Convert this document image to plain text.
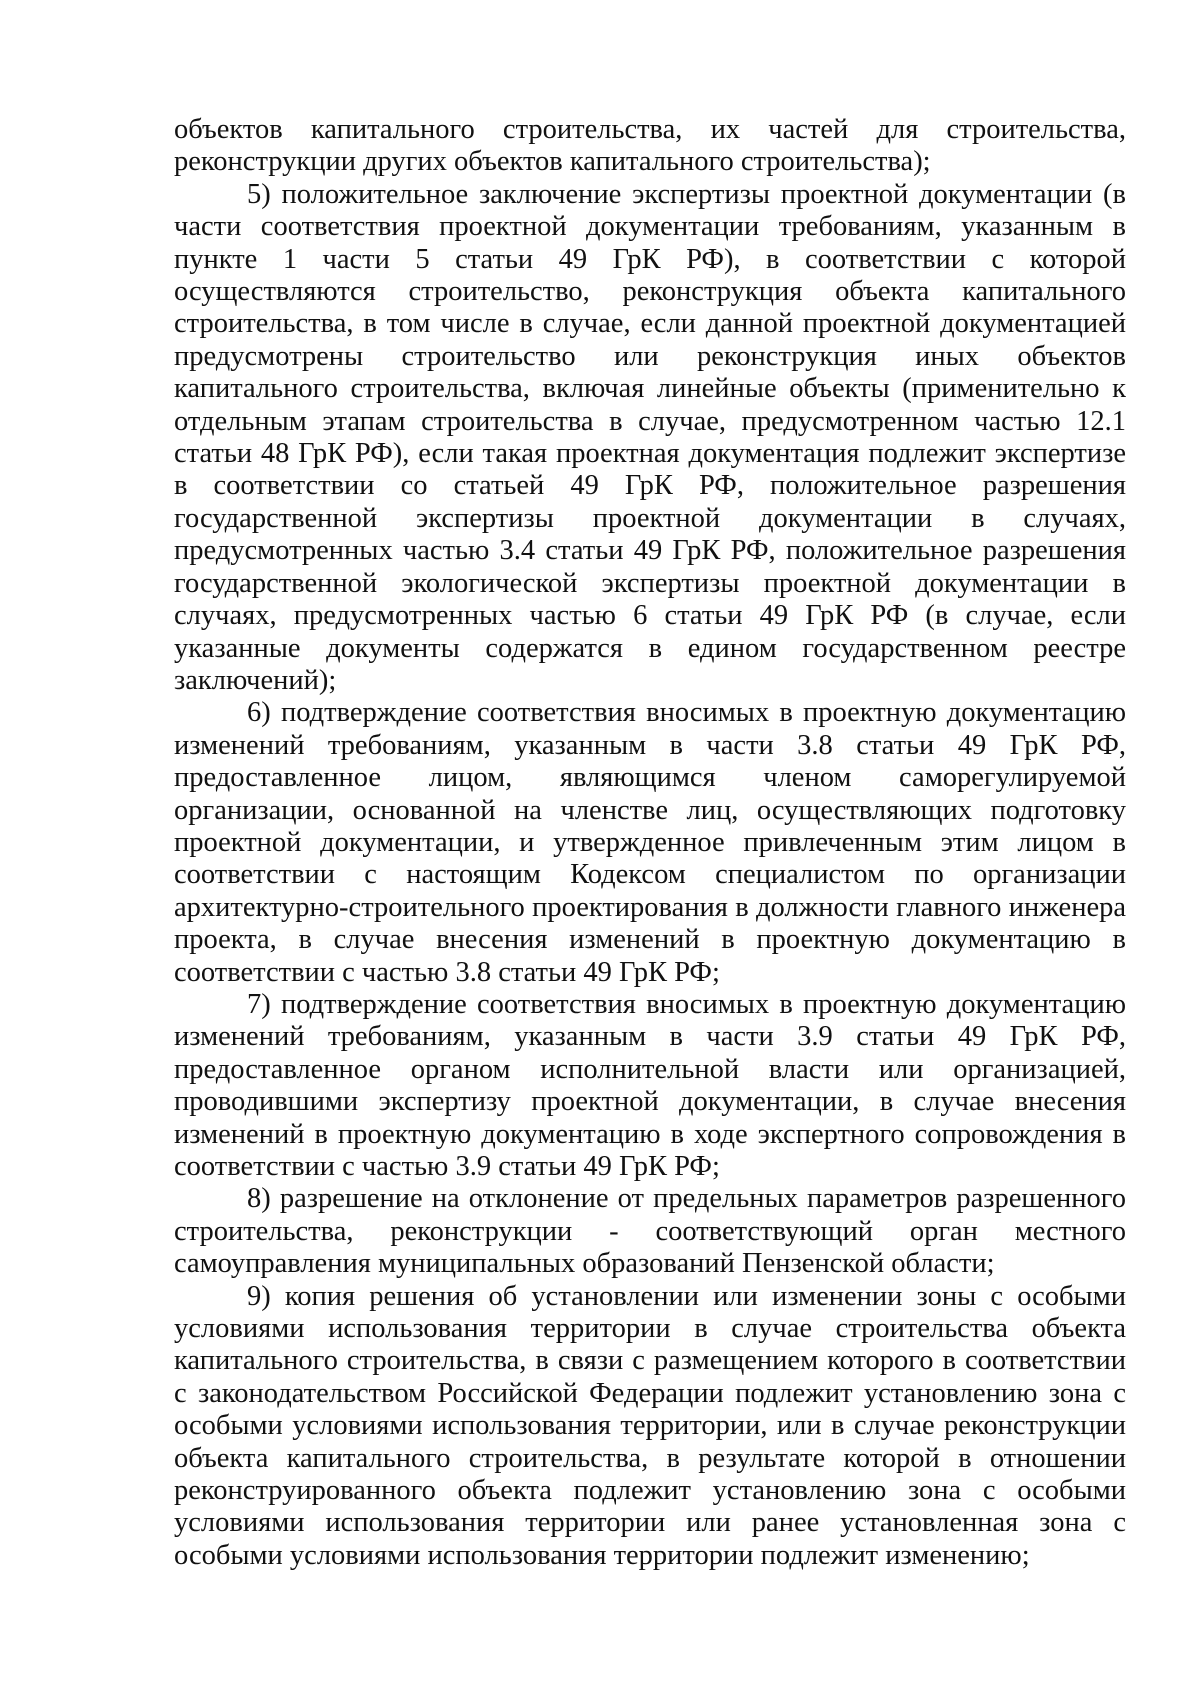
объектов капитального строительства, их частей для строительства, реконструкции других объектов капитального строительства);

5) положительное заключение экспертизы проектной документации (в части соответствия проектной документации требованиям, указанным в пункте 1 части 5 статьи 49 ГрК РФ), в соответствии с которой осуществляются строительство, реконструкция объекта капитального строительства, в том числе в случае, если данной проектной документацией предусмотрены строительство или реконструкция иных объектов капитального строительства, включая линейные объекты (применительно к отдельным этапам строительства в случае, предусмотренном частью 12.1 статьи 48 ГрК РФ), если такая проектная документация подлежит экспертизе в соответствии со статьей 49 ГрК РФ, положительное разрешения государственной экспертизы проектной документации в случаях, предусмотренных частью 3.4 статьи 49 ГрК РФ, положительное разрешения государственной экологической экспертизы проектной документации в случаях, предусмотренных частью 6 статьи 49 ГрК РФ (в случае, если указанные документы содержатся в едином государственном реестре заключений);

6) подтверждение соответствия вносимых в проектную документацию изменений требованиям, указанным в части 3.8 статьи 49 ГрК РФ, предоставленное лицом, являющимся членом саморегулируемой организации, основанной на членстве лиц, осуществляющих подготовку проектной документации, и утвержденное привлеченным этим лицом в соответствии с настоящим Кодексом специалистом по организации архитектурно-строительного проектирования в должности главного инженера проекта, в случае внесения изменений в проектную документацию в соответствии с частью 3.8 статьи 49 ГрК РФ;

7) подтверждение соответствия вносимых в проектную документацию изменений требованиям, указанным в части 3.9 статьи 49 ГрК РФ, предоставленное органом исполнительной власти или организацией, проводившими экспертизу проектной документации, в случае внесения изменений в проектную документацию в ходе экспертного сопровождения в соответствии с частью 3.9 статьи 49 ГрК РФ;

8) разрешение на отклонение от предельных параметров разрешенного строительства, реконструкции - соответствующий орган местного самоуправления муниципальных образований Пензенской области;

9) копия решения об установлении или изменении зоны с особыми условиями использования территории в случае строительства объекта капитального строительства, в связи с размещением которого в соответствии с законодательством Российской Федерации подлежит установлению зона с особыми условиями использования территории, или в случае реконструкции объекта капитального строительства, в результате которой в отношении реконструированного объекта подлежит установлению зона с особыми условиями использования территории или ранее установленная зона с особыми условиями использования территории подлежит изменению;
